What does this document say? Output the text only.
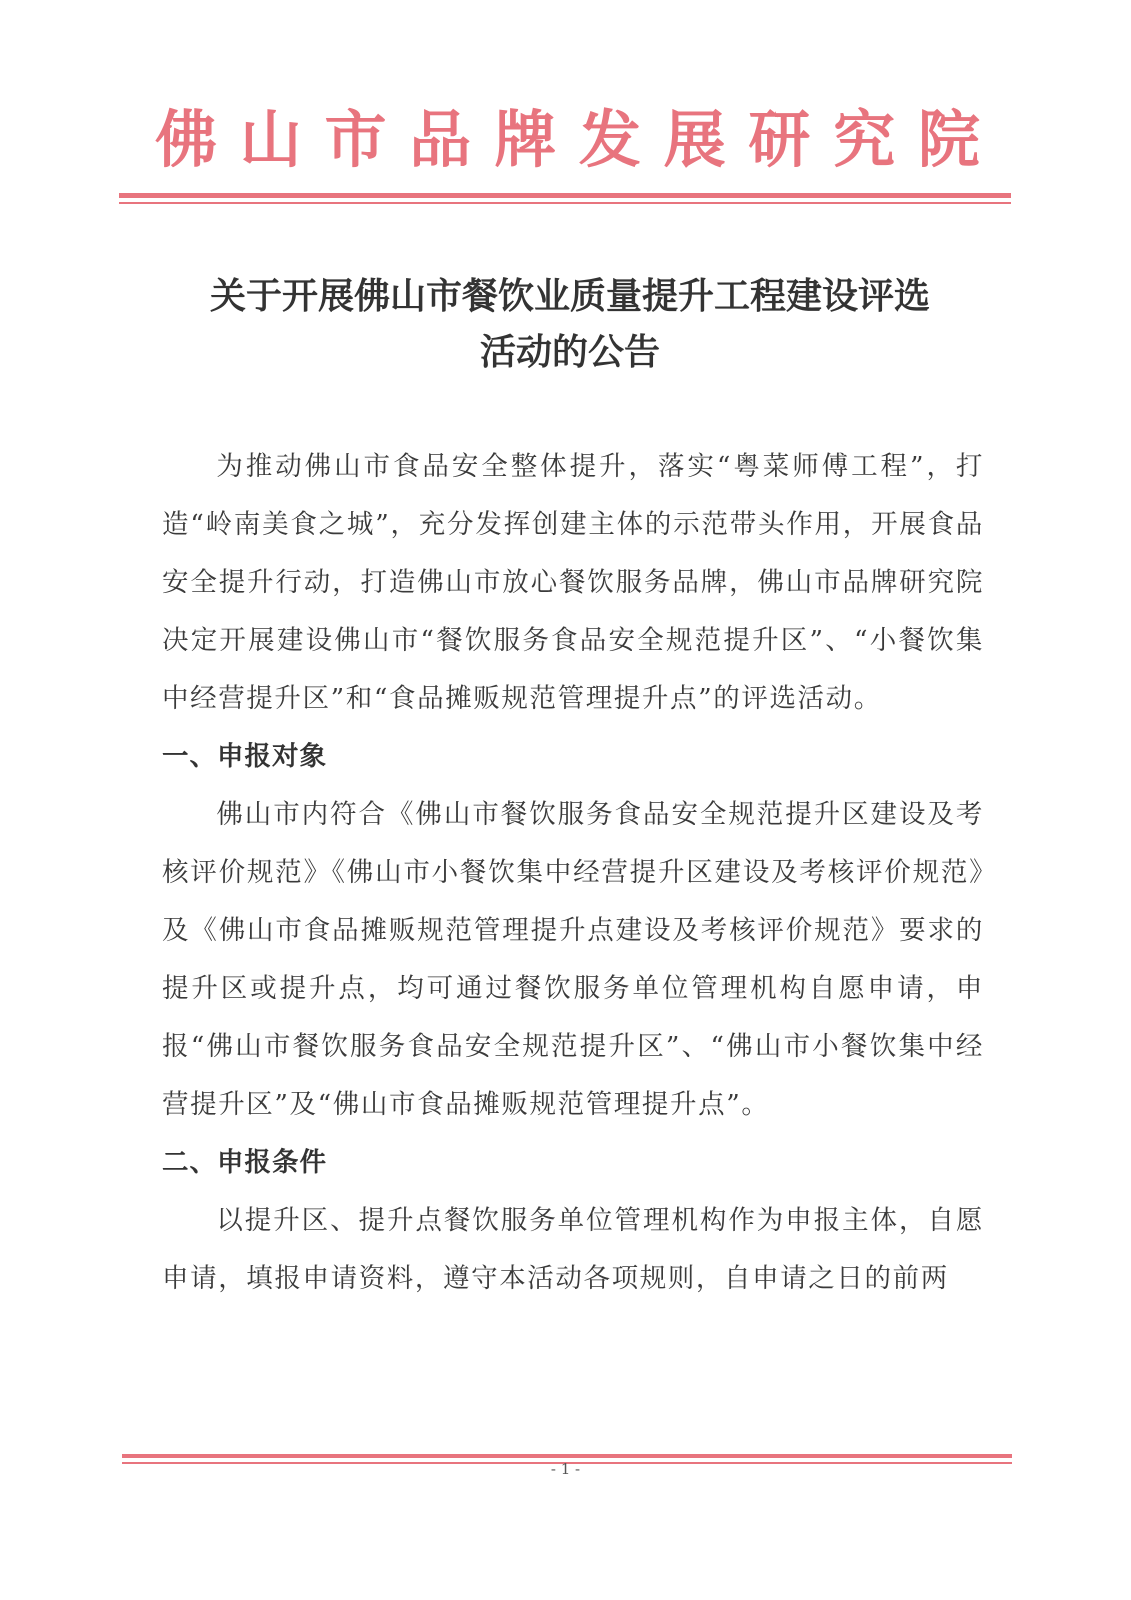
佛 山 市 品 牌 发 展 研 究 院
关于开展佛山市餐饮业质量提升工程建设评选
活动的公告

为推动佛山市食品安全整体提升，落实“粤菜师傅工程”，打造“岭南美食之城”，充分发挥创建主体的示范带头作用，开展食品安全提升行动，打造佛山市放心餐饮服务品牌，佛山市品牌研究院决定开展建设佛山市“餐饮服务食品安全规范提升区”、“小餐饮集中经营提升区”和“食品摊贩规范管理提升点”的评选活动。

一、申报对象

佛山市内符合《佛山市餐饮服务食品安全规范提升区建设及考核评价规范》《佛山市小餐饮集中经营提升区建设及考核评价规范》及《佛山市食品摊贩规范管理提升点建设及考核评价规范》要求的提升区或提升点，均可通过餐饮服务单位管理机构自愿申请，申报“佛山市餐饮服务食品安全规范提升区”、“佛山市小餐饮集中经营提升区”及“佛山市食品摊贩规范管理提升点”。

二、申报条件

以提升区、提升点餐饮服务单位管理机构作为申报主体，自愿申请，填报申请资料，遵守本活动各项规则，自申请之日的前两

- 1 -
